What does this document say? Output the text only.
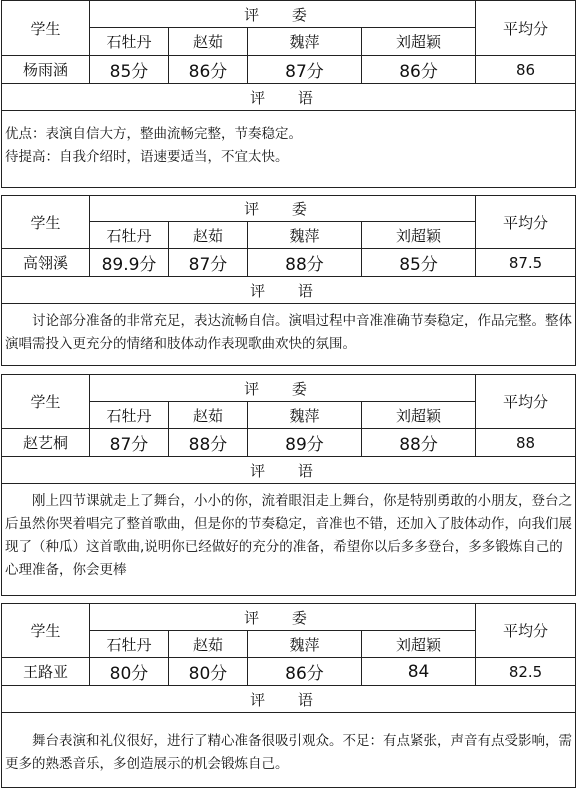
学生	评 委				平均分
	石牡丹	赵茹	魏萍	刘超颖	
杨雨涵	85分	86分	87分	86分	86
评 语					

优点：表演自信大方，整曲流畅完整，节奏稳定。
待提高：自我介绍时，语速要适当，不宜太快。					
学生	评 委				平均分
	石牡丹	赵茹	魏萍	刘超颖	
高翎溪	89.9分	87分	88分	85分	87.5
评 语					

讨论部分准备的非常充足，表达流畅自信。演唱过程中音准准确节奏稳定，作品完整。整体演唱需投入更充分的情绪和肢体动作表现歌曲欢快的氛围。					
学生	评 委				平均分
	石牡丹	赵茹	魏萍	刘超颖	
赵艺桐	87分	88分	89分	88分	88
评 语					

刚上四节课就走上了舞台，小小的你，流着眼泪走上舞台，你是特别勇敢的小朋友，登台之后虽然你哭着唱完了整首歌曲，但是你的节奏稳定，音准也不错，还加入了肢体动作，向我们展现了（种瓜）这首歌曲,说明你已经做好的充分的准备，希望你以后多多登台，多多锻炼自己的心理准备，你会更棒					
学生	评 委				平均分
	石牡丹	赵茹	魏萍	刘超颖	
王路亚	80分	80分	86分	84	82.5
评 语					

舞台表演和礼仪很好，进行了精心准备很吸引观众。不足：有点紧张，声音有点受影响，需更多的熟悉音乐，多创造展示的机会锻炼自己。					
